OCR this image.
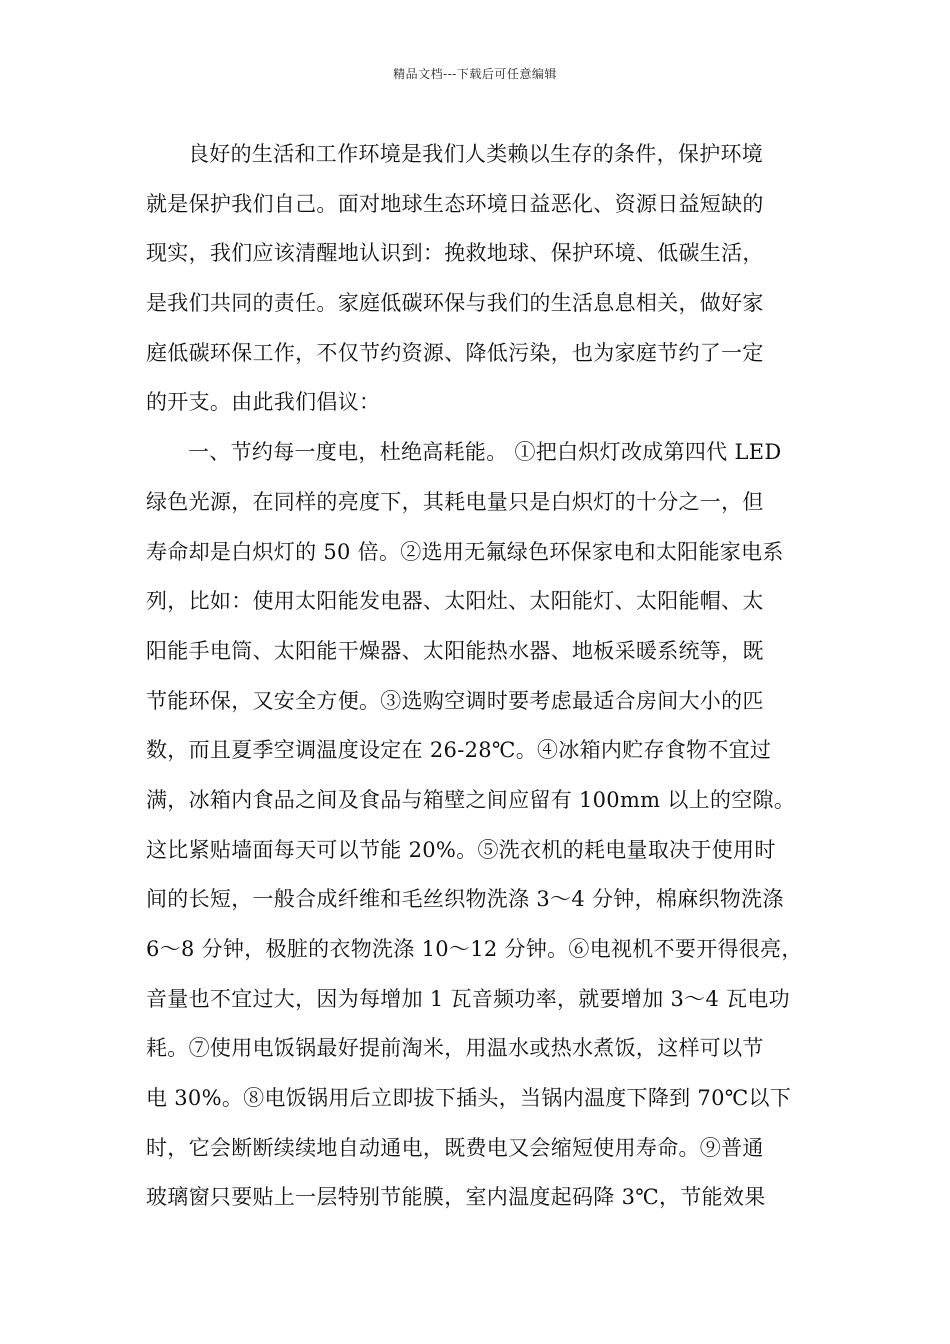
精品文档---下载后可任意编辑
良好的生活和工作环境是我们人类赖以生存的条件，保护环境
就是保护我们自己。面对地球生态环境日益恶化、资源日益短缺的
现实，我们应该清醒地认识到：挽救地球、保护环境、低碳生活，
是我们共同的责任。家庭低碳环保与我们的生活息息相关，做好家
庭低碳环保工作，不仅节约资源、降低污染，也为家庭节约了一定
的开支。由此我们倡议：
一、节约每一度电，杜绝高耗能。 ①把白炽灯改成第四代 LED
绿色光源，在同样的亮度下，其耗电量只是白炽灯的十分之一，但
寿命却是白炽灯的 50 倍。②选用无氟绿色环保家电和太阳能家电系
列，比如：使用太阳能发电器、太阳灶、太阳能灯、太阳能帽、太
阳能手电筒、太阳能干燥器、太阳能热水器、地板采暖系统等，既
节能环保，又安全方便。③选购空调时要考虑最适合房间大小的匹
数，而且夏季空调温度设定在 26-28℃。④冰箱内贮存食物不宜过
满，冰箱内食品之间及食品与箱壁之间应留有 100mm 以上的空隙。
这比紧贴墙面每天可以节能 20%。⑤洗衣机的耗电量取决于使用时
间的长短，一般合成纤维和毛丝织物洗涤 3～4 分钟，棉麻织物洗涤
6～8 分钟，极脏的衣物洗涤 10～12 分钟。⑥电视机不要开得很亮，
音量也不宜过大，因为每增加 1 瓦音频功率，就要增加 3～4 瓦电功
耗。⑦使用电饭锅最好提前淘米，用温水或热水煮饭，这样可以节
电 30%。⑧电饭锅用后立即拔下插头，当锅内温度下降到 70℃以下
时，它会断断续续地自动通电，既费电又会缩短使用寿命。⑨普通
玻璃窗只要贴上一层特别节能膜，室内温度起码降 3℃，节能效果
